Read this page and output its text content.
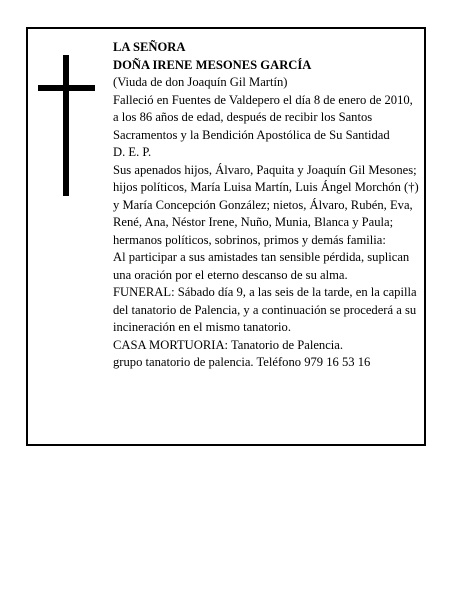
LA SEÑORA

DOÑA IRENE MESONES GARCÍA

(Viuda de don Joaquín Gil Martín)

Falleció en Fuentes de Valdepero el día 8 de enero de 2010, a los 86 años de edad, después de recibir los Santos Sacramentos y la Bendición Apostólica de Su Santidad

D. E. P.

Sus apenados hijos, Álvaro, Paquita y Joaquín Gil Mesones; hijos políticos, María Luisa Martín, Luis Ángel Morchón (†) y María Concepción González; nietos, Álvaro, Rubén, Eva, René, Ana, Néstor Irene, Nuño, Munia, Blanca y Paula; hermanos políticos, sobrinos, primos y demás familia:

Al participar a sus amistades tan sensible pérdida, suplican una oración por el eterno descanso de su alma.

FUNERAL: Sábado día 9, a las seis de la tarde, en la capilla del tanatorio de Palencia, y a continuación se procederá a su incineración en el mismo tanatorio.

CASA MORTUORIA: Tanatorio de Palencia.

grupo tanatorio de palencia. Teléfono 979 16 53 16
